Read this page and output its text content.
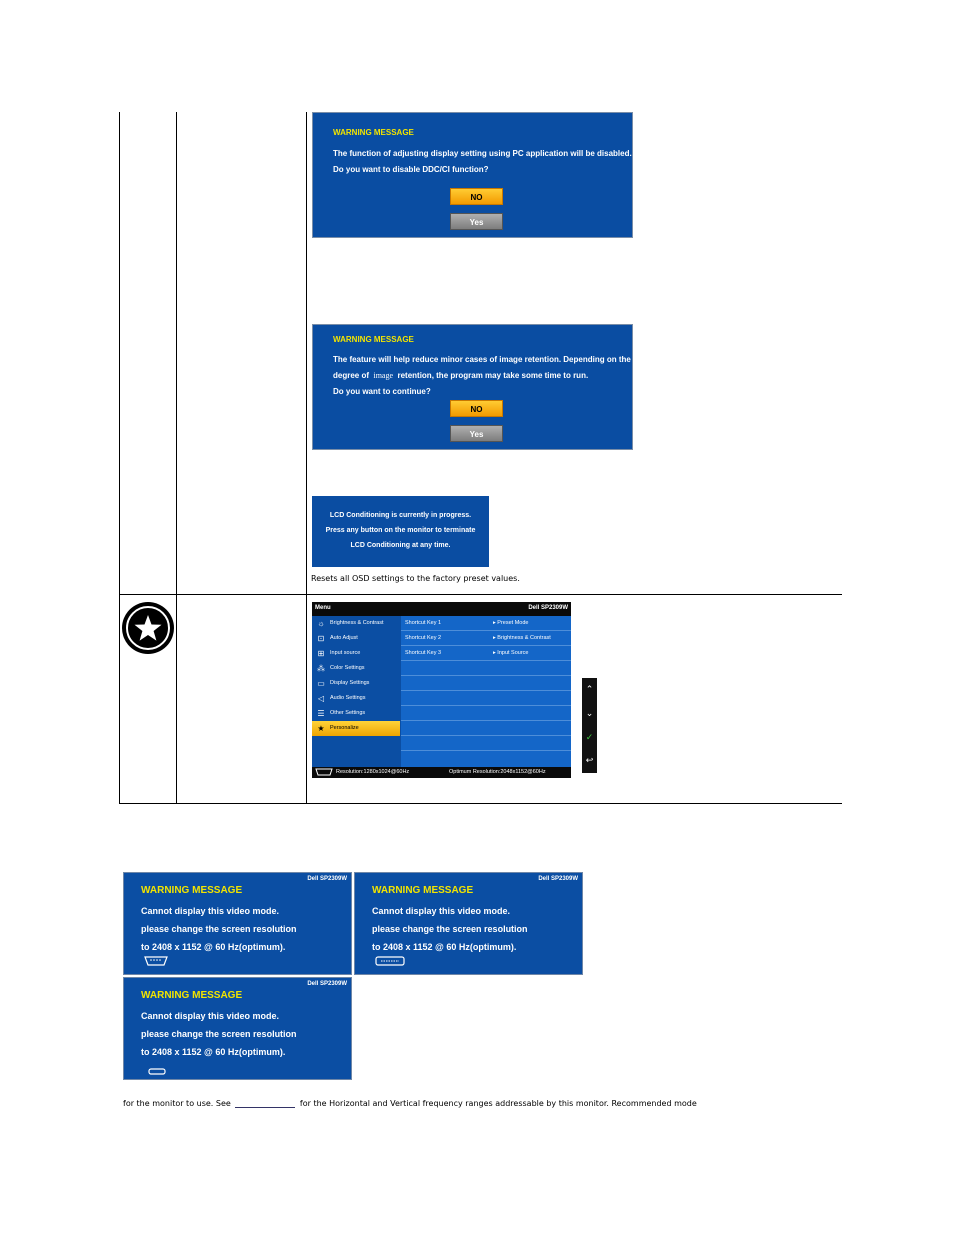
WARNING MESSAGE
The function of adjusting display setting using PC application will be disabled.
Do you want to disable DDC/CI function?
NO
Yes
WARNING MESSAGE
The feature will help reduce minor cases of image retention. Depending on the
degree of image retention, the program may take some time to run.
Do you want to continue?
NO
Yes
LCD Conditioning is currently in progress.
Press any button on the monitor to terminate
LCD Conditioning at any time.
Resets all OSD settings to the factory preset values.
Menu	Dell SP2309W
☼ Brightness & Contrast
⊡	Auto Adjust
⊞	Input source
⁂ Color Settings
▭ Display Settings
◁	Audio Settings
☰ Other Settings
★ Personalize
Shortcut Key 1	▸ Preset Mode
Shortcut Key 2	▸ Brightness & Contrast
Shortcut Key 3	▸ Input Source
Resolution:1280x1024@60Hz	Optimum Resolution:2048x1152@60Hz
⌃
⌄
✓
↩
Dell SP2309W
WARNING MESSAGE
Cannot display this video mode.
please change the screen resolution
to 2408 x 1152 @ 60 Hz(optimum).
Dell SP2309W
WARNING MESSAGE
Cannot display this video mode.
please change the screen resolution
to 2408 x 1152 @ 60 Hz(optimum).
Dell SP2309W
WARNING MESSAGE
Cannot display this video mode.
please change the screen resolution
to 2408 x 1152 @ 60 Hz(optimum).
for the monitor to use. See	for the Horizontal and Vertical frequency ranges addressable by this monitor. Recommended mode
